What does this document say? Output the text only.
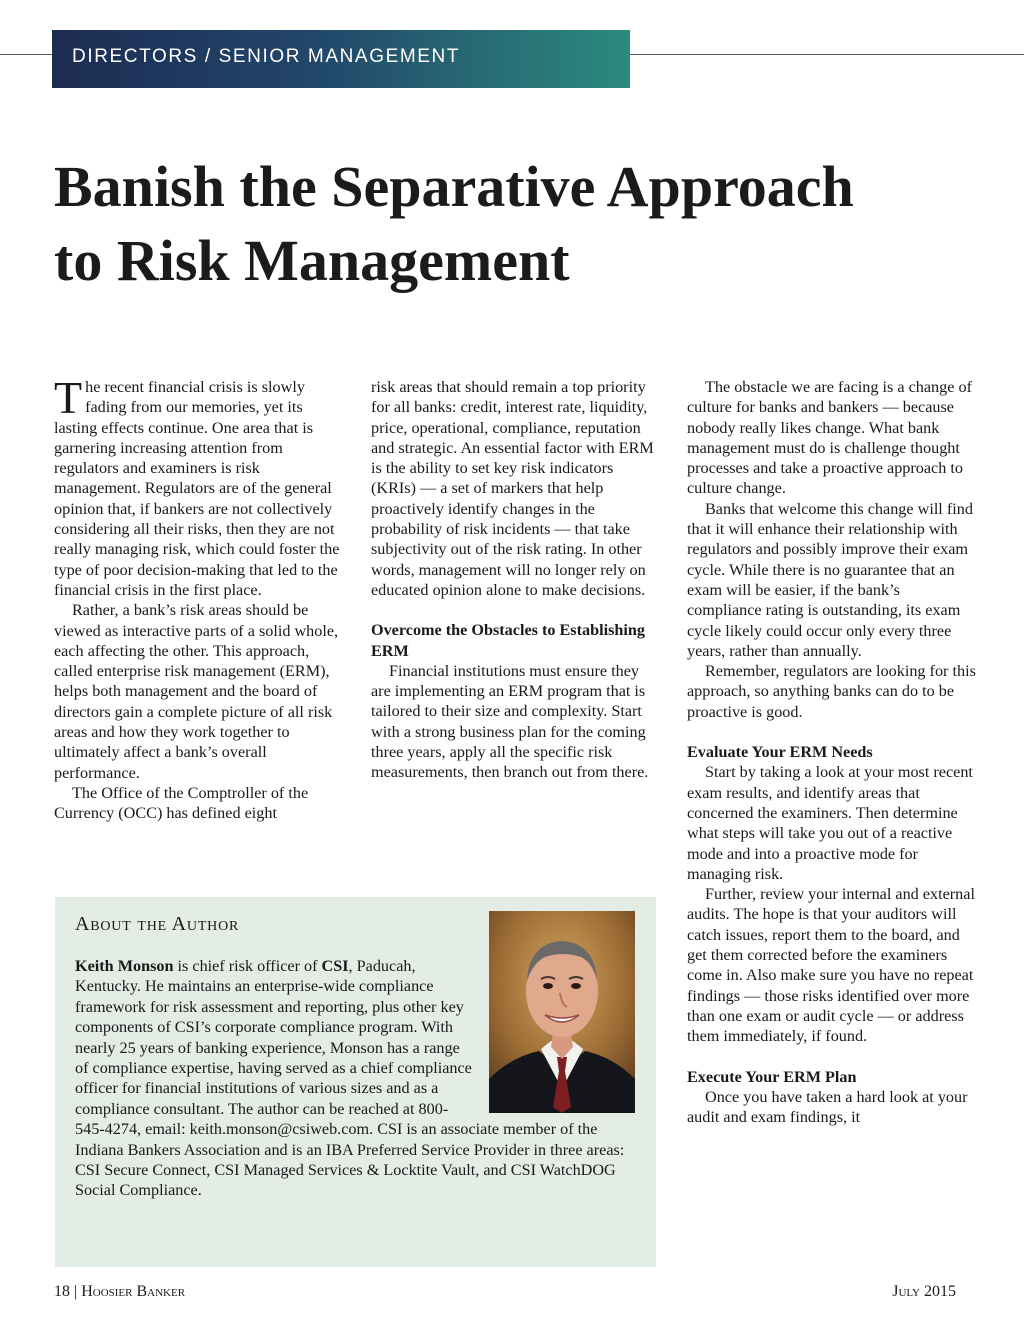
DIRECTORS / SENIOR MANAGEMENT
Banish the Separative Approach
to Risk Management

The recent financial crisis is slowly fading from our memories, yet its lasting effects continue. One area that is garnering increasing attention from regulators and examiners is risk management. Regulators are of the general opinion that, if bankers are not collectively considering all their risks, then they are not really managing risk, which could foster the type of poor decision-making that led to the financial crisis in the first place.

Rather, a bank’s risk areas should be viewed as interactive parts of a solid whole, each affecting the other. This approach, called enterprise risk management (ERM), helps both management and the board of directors gain a complete picture of all risk areas and how they work together to ultimately affect a bank’s overall performance.

The Office of the Comptroller of the Currency (OCC) has defined eight

risk areas that should remain a top priority for all banks: credit, interest rate, liquidity, price, operational, compliance, reputation and strategic. An essential factor with ERM is the ability to set key risk indicators (KRIs) — a set of markers that help proactively identify changes in the probability of risk incidents — that take subjectivity out of the risk rating. In other words, management will no longer rely on educated opinion alone to make decisions.

Overcome the Obstacles to Establishing ERM

Financial institutions must ensure they are implementing an ERM program that is tailored to their size and complexity. Start with a strong business plan for the coming three years, apply all the specific risk measurements, then branch out from there.

The obstacle we are facing is a change of culture for banks and bankers — because nobody really likes change. What bank management must do is challenge thought processes and take a proactive approach to culture change.

Banks that welcome this change will find that it will enhance their relationship with regulators and possibly improve their exam cycle. While there is no guarantee that an exam will be easier, if the bank’s compliance rating is outstanding, its exam cycle likely could occur only every three years, rather than annually.

Remember, regulators are looking for this approach, so anything banks can do to be proactive is good.

Evaluate Your ERM Needs

Start by taking a look at your most recent exam results, and identify areas that concerned the examiners. Then determine what steps will take you out of a reactive mode and into a proactive mode for managing risk.

Further, review your internal and external audits. The hope is that your auditors will catch issues, report them to the board, and get them corrected before the examiners come in. Also make sure you have no repeat findings — those risks identified over more than one exam or audit cycle — or address them immediately, if found.

Execute Your ERM Plan

Once you have taken a hard look at your audit and exam findings, it

About the Author
Keith Monson is chief risk officer of CSI, Paducah, Kentucky. He maintains an enterprise-wide compliance framework for risk assessment and reporting, plus other key components of CSI’s corporate compliance program. With nearly 25 years of banking experience, Monson has a range of compliance expertise, having served as a chief compliance officer for financial institutions of various sizes and as a compliance consultant. The author can be reached at 800-545-4274, email: keith.monson@csiweb.com. CSI is an associate member of the Indiana Bankers Association and is an IBA Preferred Service Provider in three areas: CSI Secure Connect, CSI Managed Services & Locktite Vault, and CSI WatchDOG Social Compliance.
18 | Hoosier Banker	July 2015
